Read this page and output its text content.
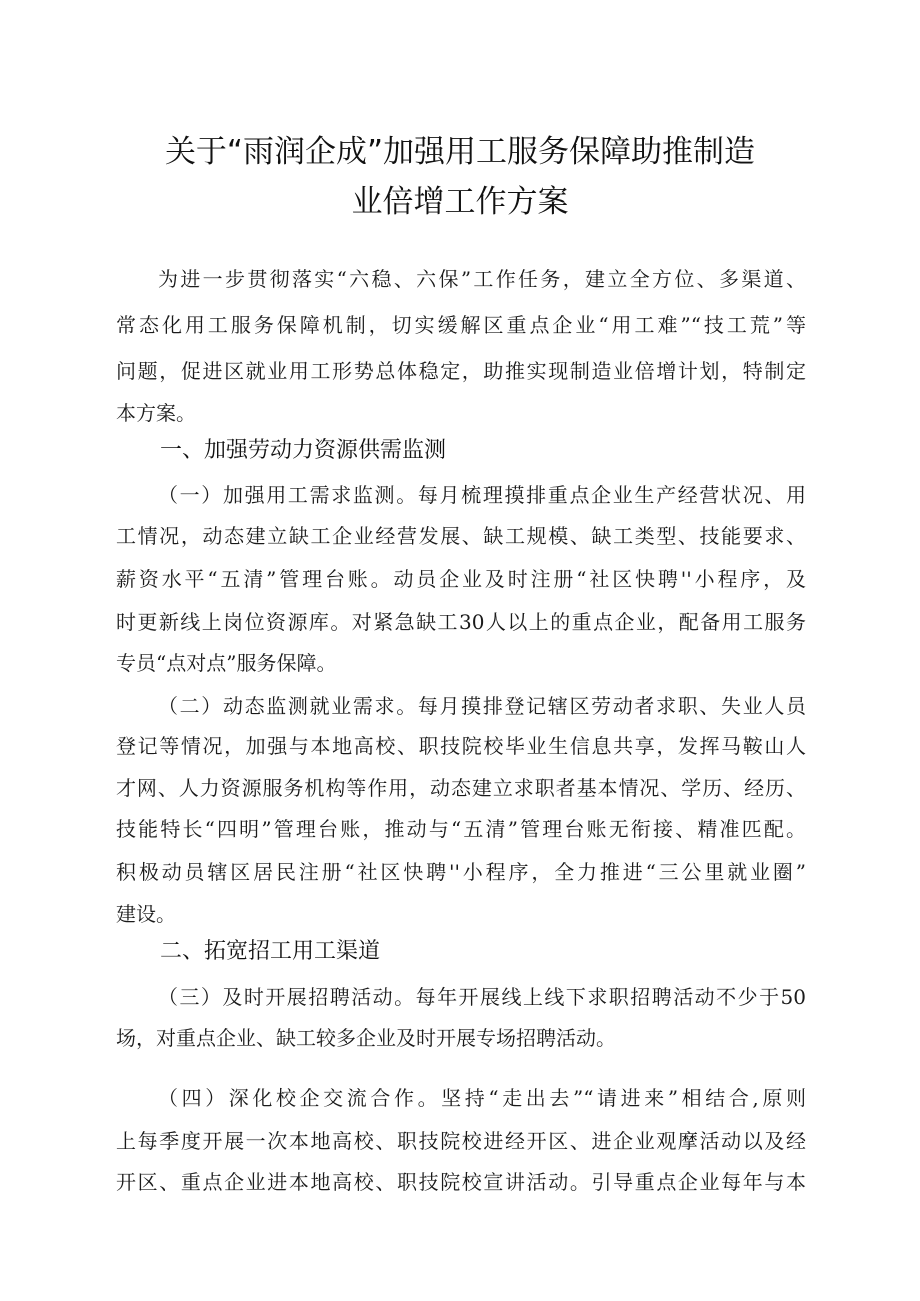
关于“雨润企成”加强用工服务保障助推制造
业倍增工作方案
为进一步贯彻落实“六稳、六保”工作任务，建立全方位、多渠道、
常态化用工服务保障机制，切实缓解区重点企业“用工难”“技工荒”等
问题，促进区就业用工形势总体稳定，助推实现制造业倍增计划，特制定
本方案。
一、加强劳动力资源供需监测
（一）加强用工需求监测。每月梳理摸排重点企业生产经营状况、用
工情况，动态建立缺工企业经营发展、缺工规模、缺工类型、技能要求、
薪资水平“五清”管理台账。动员企业及时注册“社区快聘''小程序，及
时更新线上岗位资源库。对紧急缺工30人以上的重点企业，配备用工服务
专员“点对点”服务保障。
（二）动态监测就业需求。每月摸排登记辖区劳动者求职、失业人员
登记等情况，加强与本地高校、职技院校毕业生信息共享，发挥马鞍山人
才网、人力资源服务机构等作用，动态建立求职者基本情况、学历、经历、
技能特长“四明”管理台账，推动与“五清”管理台账无衔接、精准匹配。
积极动员辖区居民注册“社区快聘''小程序，全力推进“三公里就业圈”
建设。
二、拓宽招工用工渠道
（三）及时开展招聘活动。每年开展线上线下求职招聘活动不少于50
场，对重点企业、缺工较多企业及时开展专场招聘活动。
（四）深化校企交流合作。坚持“走出去”“请进来”相结合,原则
上每季度开展一次本地高校、职技院校进经开区、进企业观摩活动以及经
开区、重点企业进本地高校、职技院校宣讲活动。引导重点企业每年与本
